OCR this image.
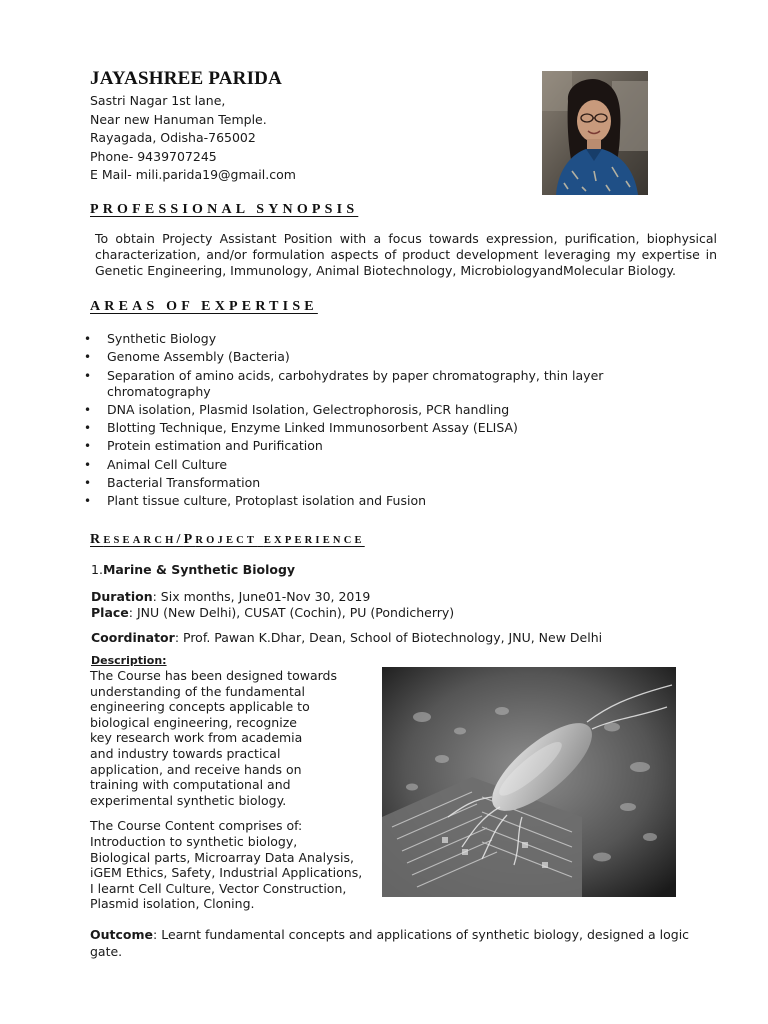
JAYASHREE PARIDA
Sastri Nagar 1st lane,
Near new Hanuman Temple.
Rayagada, Odisha-765002
Phone- 9439707245
E Mail- mili.parida19@gmail.com
PROFESSIONAL SYNOPSIS
To obtain Projecty Assistant Position with a focus towards expression, purification, biophysical characterization, and/or formulation aspects of product development leveraging my expertise in Genetic Engineering, Immunology, Animal Biotechnology, MicrobiologyandMolecular Biology.
AREAS OF EXPERTISE
• Synthetic Biology
• Genome Assembly (Bacteria)
• Separation of amino acids, carbohydrates by paper chromatography, thin layer chromatography
• DNA isolation, Plasmid Isolation, Gelectrophorosis, PCR handling
• Blotting Technique, Enzyme Linked Immunosorbent Assay (ELISA)
• Protein estimation and Purification
• Animal Cell Culture
• Bacterial Transformation
• Plant tissue culture, Protoplast isolation and Fusion
RESEARCH/PROJECT EXPERIENCE
1.Marine & Synthetic Biology
Duration: Six months, June01-Nov 30, 2019
Place: JNU (New Delhi), CUSAT (Cochin), PU (Pondicherry)
Coordinator: Prof. Pawan K.Dhar, Dean, School of Biotechnology, JNU, New Delhi
Description:

The Course has been designed towards
understanding of the fundamental
engineering concepts applicable to
biological engineering, recognize
key research work from academia
and industry towards practical
application, and receive hands on
training with computational and
experimental synthetic biology.

The Course Content comprises of:
Introduction to synthetic biology,
Biological parts, Microarray Data Analysis,
iGEM Ethics, Safety, Industrial Applications,
I learnt Cell Culture, Vector Construction,
Plasmid isolation, Cloning.

Outcome: Learnt fundamental concepts and applications of synthetic biology, designed a logic gate.
